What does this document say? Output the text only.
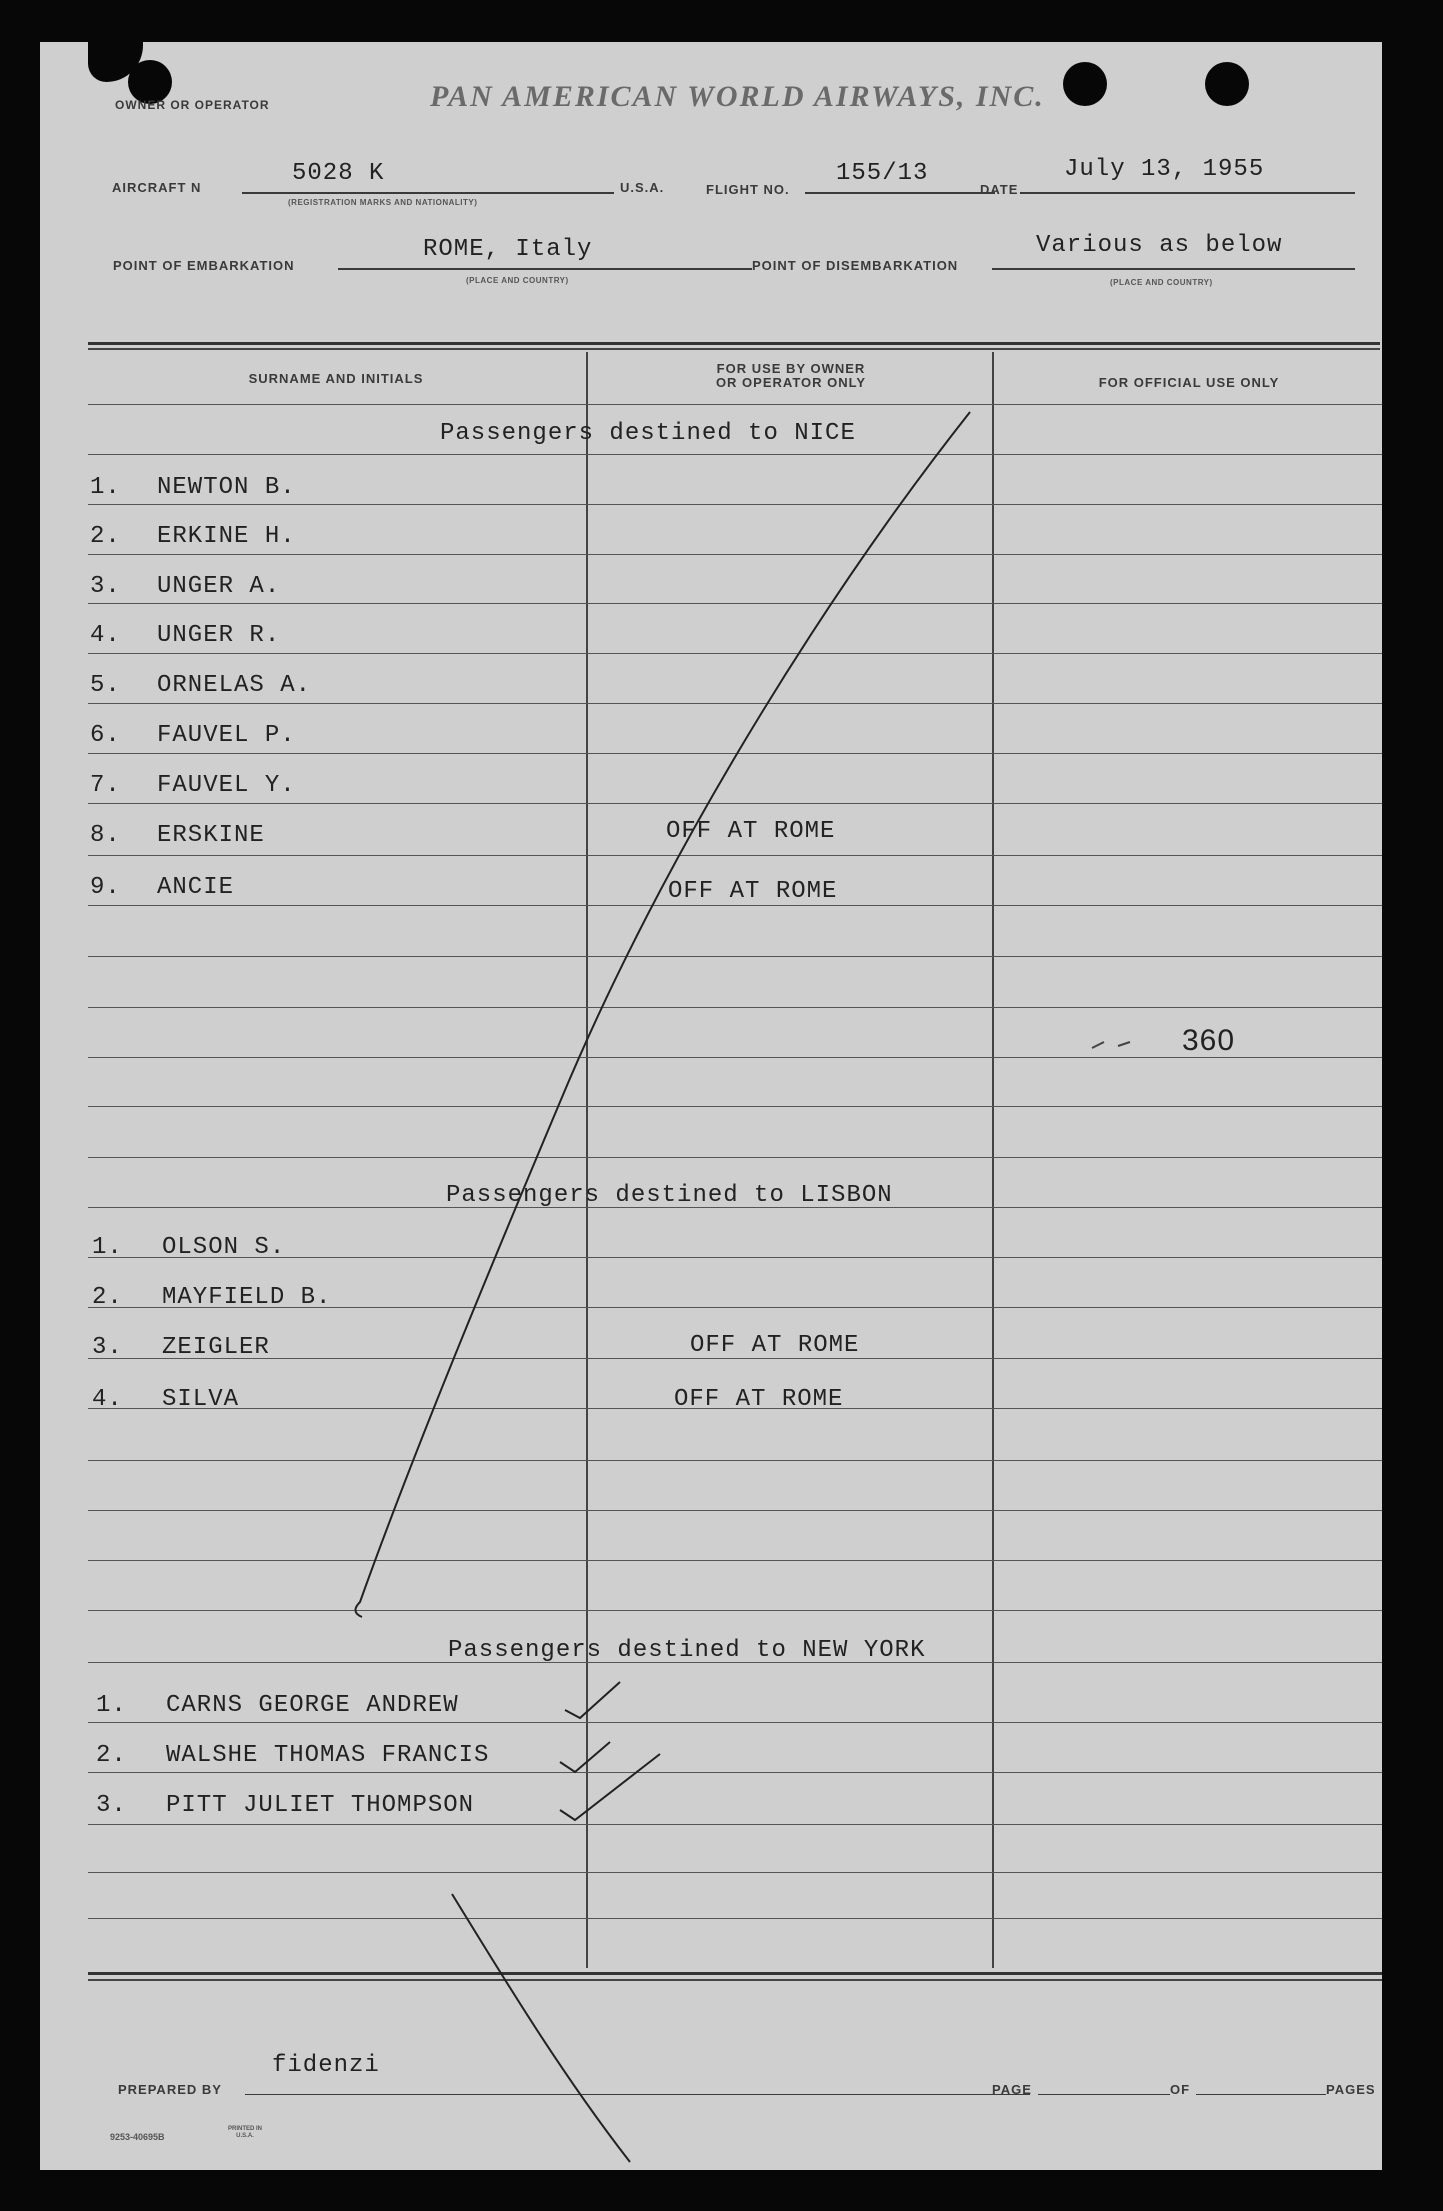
OWNER OR OPERATOR	PAN AMERICAN WORLD AIRWAYS, INC.
AIRCRAFT N
5028 K
(REGISTRATION MARKS AND NATIONALITY)
U.S.A.	FLIGHT NO.
155/13
DATE
July 13, 1955
POINT OF EMBARKATION
ROME, Italy
(PLACE AND COUNTRY)
POINT OF DISEMBARKATION
Various as below
(PLACE AND COUNTRY)
SURNAME AND INITIALS
FOR USE BY OWNER
OR OPERATOR ONLY	FOR OFFICIAL USE ONLY
Passengers destined to NICE
Passengers destined to LISBON
Passengers destined to NEW YORK
1. NEWTON B.
2. ERKINE H.
3. UNGER A.
4. UNGER R.
5. ORNELAS A.
6. FAUVEL P.
7. FAUVEL Y.
8. ERSKINE	OFF AT ROME
9. ANCIE	OFF AT ROME
360
1. OLSON S.
2. MAYFIELD B.
3. ZEIGLER	OFF AT ROME
4. SILVA	OFF AT ROME
1. CARNS GEORGE ANDREW
2. WALSHE THOMAS FRANCIS
3. PITT JULIET THOMPSON
PREPARED BY
fidenzi
PAGE	OF	PAGES
9253-40695B
PRINTED IN U.S.A.
